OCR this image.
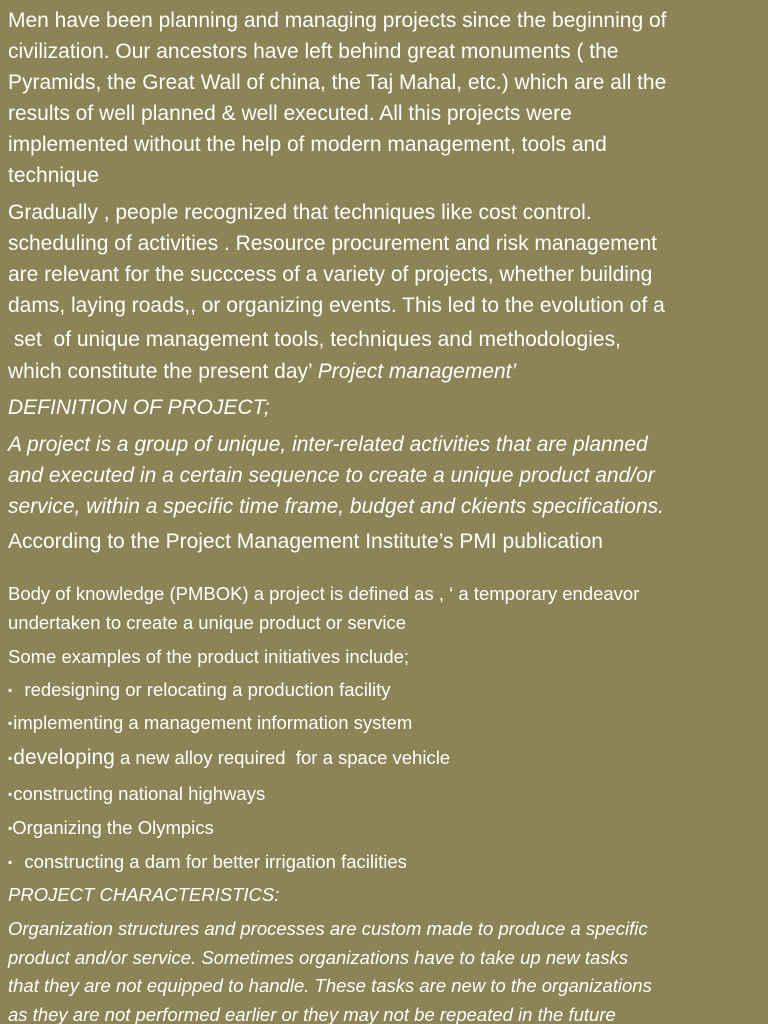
Men have been planning and managing projects since the beginning of
civilization. Our ancestors have left behind great monuments ( the
Pyramids, the Great Wall of china, the Taj Mahal, etc.) which are all the
results of well planned & well executed. All this projects were
implemented without the help of modern management, tools and
technique
Gradually , people recognized that techniques like cost control.
scheduling of activities . Resource procurement and risk management
are relevant for the succcess of a variety of projects, whether building
dams, laying roads,, or organizing events. This led to the evolution of a
set  of unique management tools, techniques and methodologies,
which constitute the present day’ Project management’
DEFINITION OF PROJECT;
A project is a group of unique, inter-related activities that are planned
and executed in a certain sequence to create a unique product and/or
service, within a specific time frame, budget and ckients specifications.
According to the Project Management Institute’s PMI publication
Body of knowledge (PMBOK) a project is defined as , ‘ a temporary endeavor
undertaken to create a unique product or service
Some examples of the product initiatives include;
▪ redesigning or relocating a production facility
▪implementing a management information system
▪developing a new alloy required  for a space vehicle
▪constructing national highways
▪Organizing the Olympics
▪ constructing a dam for better irrigation facilities
PROJECT CHARACTERISTICS:
Organization structures and processes are custom made to produce a specific
product and/or service. Sometimes organizations have to take up new tasks
that they are not equipped to handle. These tasks are new to the organizations
as they are not performed earlier or they may not be repeated in the future
